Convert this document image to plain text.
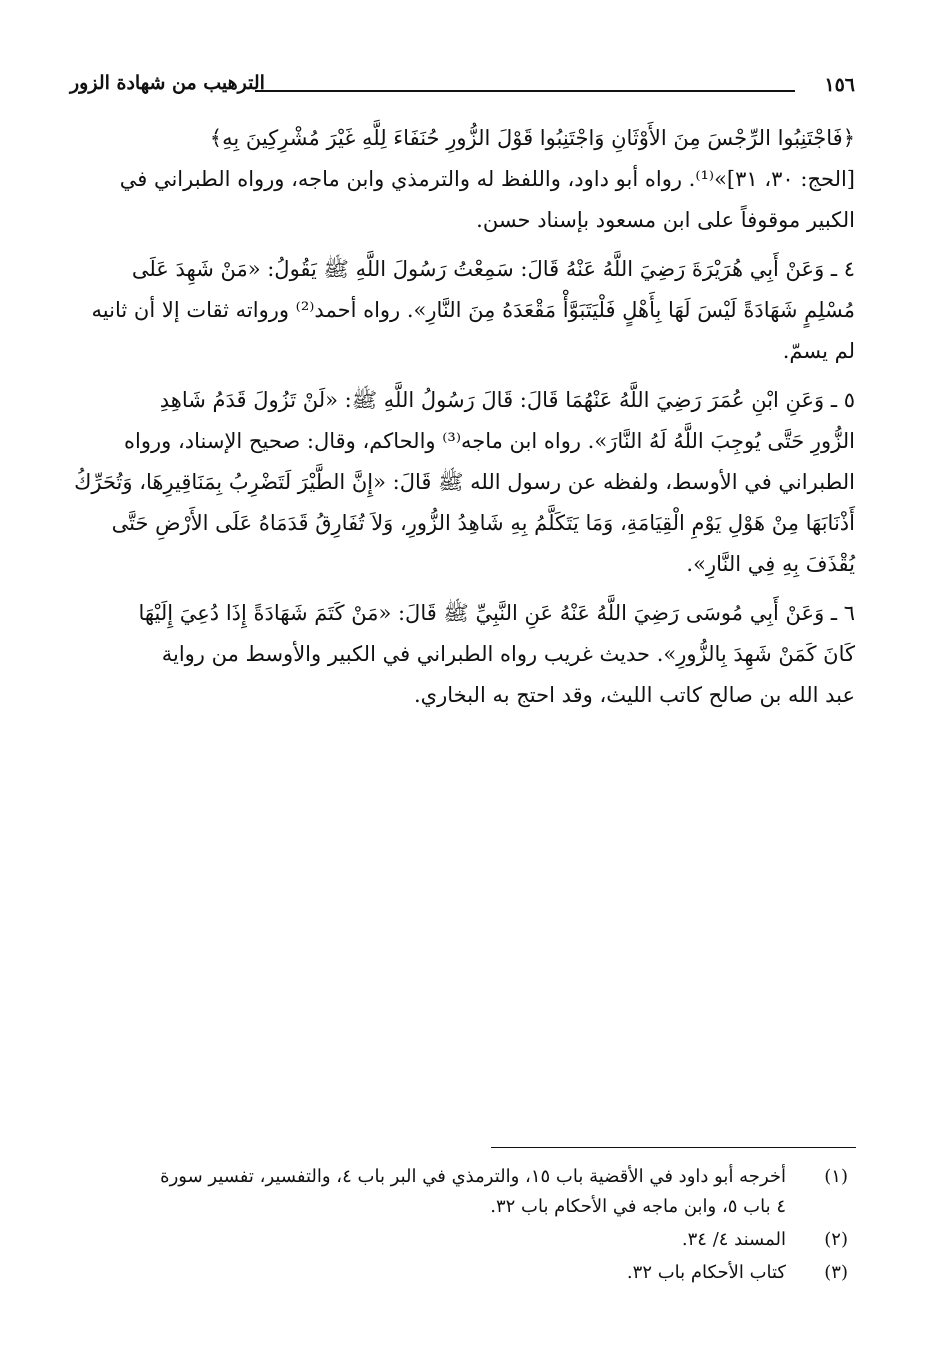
١٥٦
الترهيب من شهادة الزور

﴿فَاجْتَنِبُوا الرِّجْسَ مِنَ الأَوْثَانِ وَاجْتَنِبُوا قَوْلَ الزُّورِ حُنَفَاءَ لِلَّهِ غَيْرَ مُشْرِكِينَ بِهِ﴾
[الحج: ٣٠، ٣١]»⁽¹⁾. رواه أبو داود، واللفظ له والترمذي وابن ماجه، ورواه الطبراني في
الكبير موقوفاً على ابن مسعود بإسناد حسن.

٤ ـ وَعَنْ أَبِي هُرَيْرَةَ رَضِيَ اللَّهُ عَنْهُ قَالَ: سَمِعْتُ رَسُولَ اللَّهِ ﷺ يَقُولُ: «مَنْ شَهِدَ عَلَى
مُسْلِمٍ شَهَادَةً لَيْسَ لَهَا بِأَهْلٍ فَلْيَتَبَوَّأْ مَقْعَدَهُ مِنَ النَّارِ». رواه أحمد⁽²⁾ ورواته ثقات إلا أن ثانيه
لم يسمّ.

٥ ـ وَعَنِ ابْنِ عُمَرَ رَضِيَ اللَّهُ عَنْهُمَا قَالَ: قَالَ رَسُولُ اللَّهِ ﷺ: «لَنْ تَزُولَ قَدَمُ شَاهِدِ
الزُّورِ حَتَّى يُوجِبَ اللَّهُ لَهُ النَّارَ». رواه ابن ماجه⁽³⁾ والحاكم، وقال: صحيح الإسناد، ورواه
الطبراني في الأوسط، ولفظه عن رسول الله ﷺ قَالَ: «إِنَّ الطَّيْرَ لَتَضْرِبُ بِمَنَاقِيرِهَا، وَتُحَرِّكُ
أَذْنَابَهَا مِنْ هَوْلِ يَوْمِ الْقِيَامَةِ، وَمَا يَتَكَلَّمُ بِهِ شَاهِدُ الزُّورِ، وَلاَ تُفَارِقُ قَدَمَاهُ عَلَى الأَرْضِ حَتَّى
يُقْذَفَ بِهِ فِي النَّارِ».

٦ ـ وَعَنْ أَبِي مُوسَى رَضِيَ اللَّهُ عَنْهُ عَنِ النَّبِيِّ ﷺ قَالَ: «مَنْ كَتَمَ شَهَادَةً إِذَا دُعِيَ إِلَيْهَا
كَانَ كَمَنْ شَهِدَ بِالزُّورِ». حديث غريب رواه الطبراني في الكبير والأوسط من رواية
عبد الله بن صالح كاتب الليث، وقد احتج به البخاري.

(١)
أخرجه أبو داود في الأقضية باب ١٥، والترمذي في البر باب ٤، والتفسير، تفسير سورة
٤ باب ٥، وابن ماجه في الأحكام باب ٣٢.
(٢)
المسند ٤/ ٣٤.
(٣)
كتاب الأحكام باب ٣٢.
